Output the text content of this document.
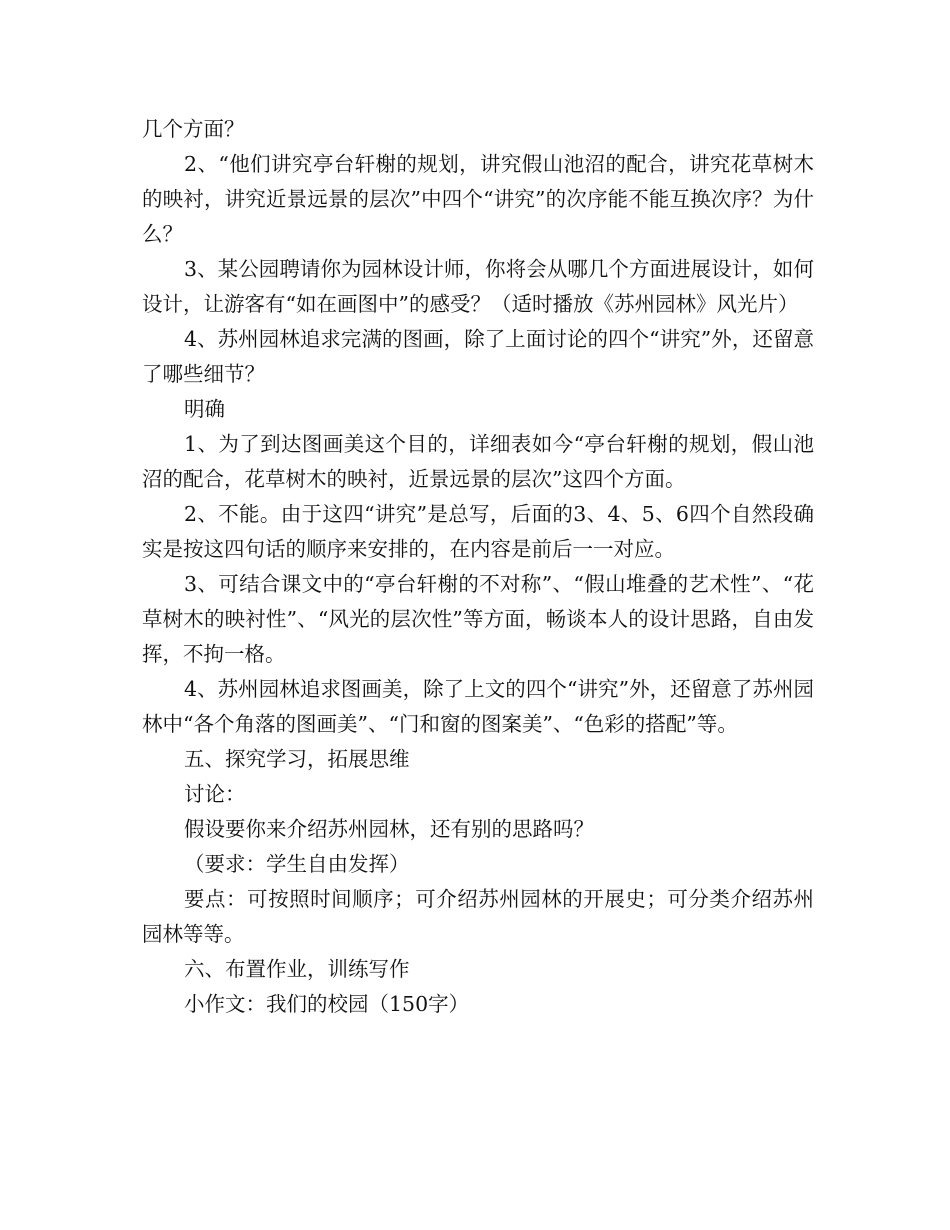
几个方面？

2、“他们讲究亭台轩榭的规划，讲究假山池沼的配合，讲究花草树木的映衬，讲究近景远景的层次”中四个“讲究”的次序能不能互换次序？为什么？

3、某公园聘请你为园林设计师，你将会从哪几个方面进展设计，如何设计，让游客有“如在画图中”的感受？（适时播放《苏州园林》风光片）

4、苏州园林追求完满的图画，除了上面讨论的四个“讲究”外，还留意了哪些细节？

明确

1、为了到达图画美这个目的，详细表如今“亭台轩榭的规划，假山池沼的配合，花草树木的映衬，近景远景的层次”这四个方面。

2、不能。由于这四“讲究”是总写，后面的3、4、5、6四个自然段确实是按这四句话的顺序来安排的，在内容是前后一一对应。

3、可结合课文中的“亭台轩榭的不对称”、“假山堆叠的艺术性”、“花草树木的映衬性”、“风光的层次性”等方面，畅谈本人的设计思路，自由发挥，不拘一格。

4、苏州园林追求图画美，除了上文的四个“讲究”外，还留意了苏州园林中“各个角落的图画美”、“门和窗的图案美”、“色彩的搭配”等。

五、探究学习，拓展思维

讨论：

假设要你来介绍苏州园林，还有别的思路吗？

（要求：学生自由发挥）

要点：可按照时间顺序；可介绍苏州园林的开展史；可分类介绍苏州园林等等。

六、布置作业，训练写作

小作文：我们的校园（150字）
